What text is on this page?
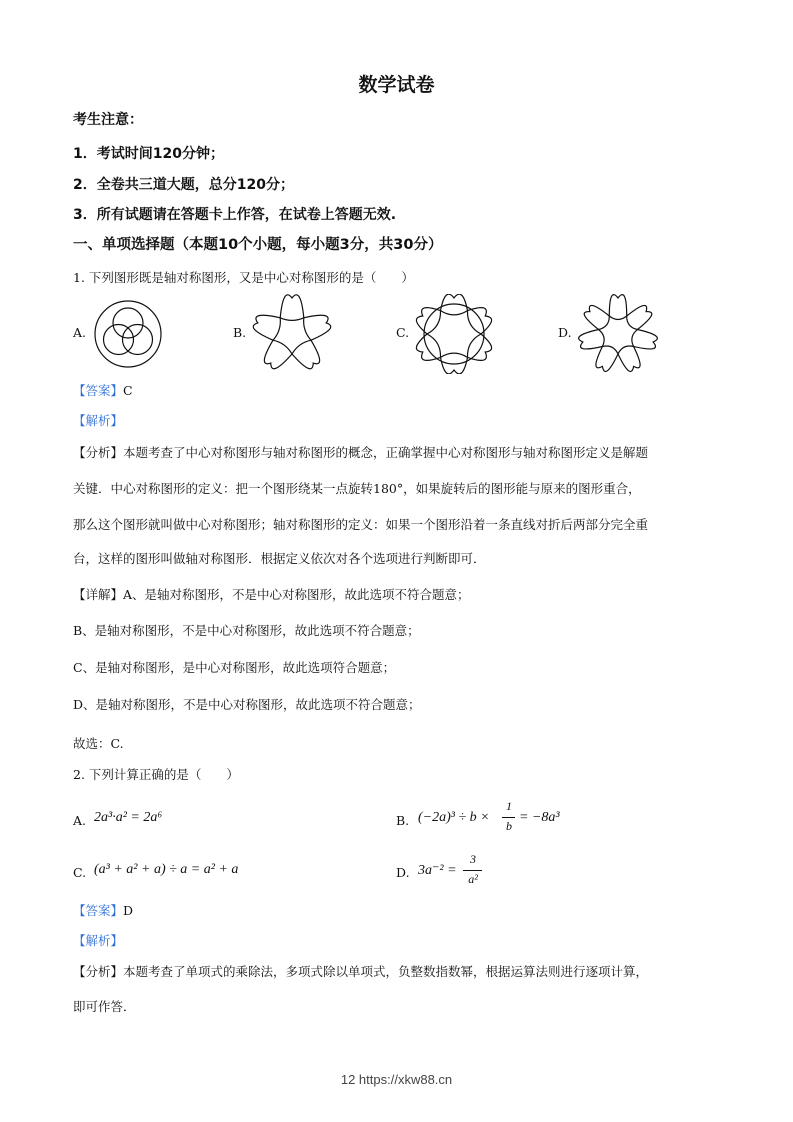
数学试卷
考生注意：
1．考试时间120分钟；
2．全卷共三道大题，总分120分；
3．所有试题请在答题卡上作答，在试卷上答题无效.
一、单项选择题（本题10个小题，每小题3分，共30分）
1. 下列图形既是轴对称图形，又是中心对称图形的是（　　）
A.	B.	C.	D.
【答案】C
【解析】
【分析】本题考查了中心对称图形与轴对称图形的概念，正确掌握中心对称图形与轴对称图形定义是解题
关键．中心对称图形的定义：把一个图形绕某一点旋转180°，如果旋转后的图形能与原来的图形重合，
那么这个图形就叫做中心对称图形；轴对称图形的定义：如果一个图形沿着一条直线对折后两部分完全重
台，这样的图形叫做轴对称图形．根据定义依次对各个选项进行判断即可．
【详解】A、是轴对称图形，不是中心对称图形，故此选项不符合题意；
B、是轴对称图形，不是中心对称图形，故此选项不符合题意；
C、是轴对称图形，是中心对称图形，故此选项符合题意；
D、是轴对称图形，不是中心对称图形，故此选项不符合题意；
故选：C.
2. 下列计算正确的是（　　）
A. 2a³·a² = 2a⁶	B. (−2a)³ ÷ b ×
1
b
= −8a³
C. (a³ + a² + a) ÷ a = a² + a	D. 3a⁻² =
3
a²
【答案】D
【解析】
【分析】本题考查了单项式的乘除法，多项式除以单项式，负整数指数幂，根据运算法则进行逐项计算，
即可作答．
12 https://xkw88.cn
